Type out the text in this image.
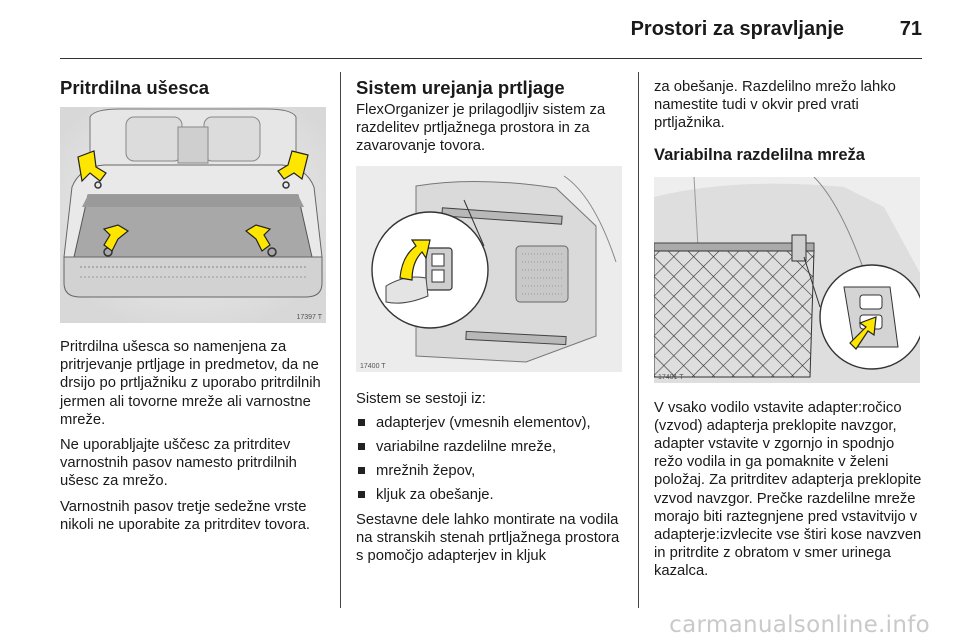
Prostori za spravljanje	71
Pritrdilna ušesca
17397 T

Pritrdilna ušesca so namenjena za pritrjevanje prtljage in predmetov, da ne drsijo po prtljažniku z uporabo pritrdilnih jermen ali tovorne mreže ali varnostne mreže.

Ne uporabljajte uščesc za pritrditev varnostnih pasov namesto pritrdilnih ušesc za mrežo.

Varnostnih pasov tretje sedežne vrste nikoli ne uporabite za pritrditev tovora.

Sistem urejanja prtljage

FlexOrganizer je prilagodljiv sistem za razdelitev prtljažnega prostora in za zavarovanje tovora.

17400 T

Sistem se sestoji iz:

adapterjev (vmesnih elementov),
variabilne razdelilne mreže,
mrežnih žepov,
kljuk za obešanje.

Sestavne dele lahko montirate na vodila na stranskih stenah prtljažnega prostora s pomočjo adapterjev in kljuk

za obešanje. Razdelilno mrežo lahko namestite tudi v okvir pred vrati prtljažnika.

Variabilna razdelilna mreža
17401 T

V vsako vodilo vstavite adapter:ročico (vzvod) adapterja preklopite navzgor, adapter vstavite v zgornjo in spodnjo režo vodila in ga pomaknite v želeni položaj. Za pritrditev adapterja preklopite vzvod navzgor. Prečke razdelilne mreže morajo biti raztegnjene pred vstavitvijo v adapterje:izvlecite vse štiri kose navzven in pritrdite z obratom v smer urinega kazalca.

carmanualsonline.info
